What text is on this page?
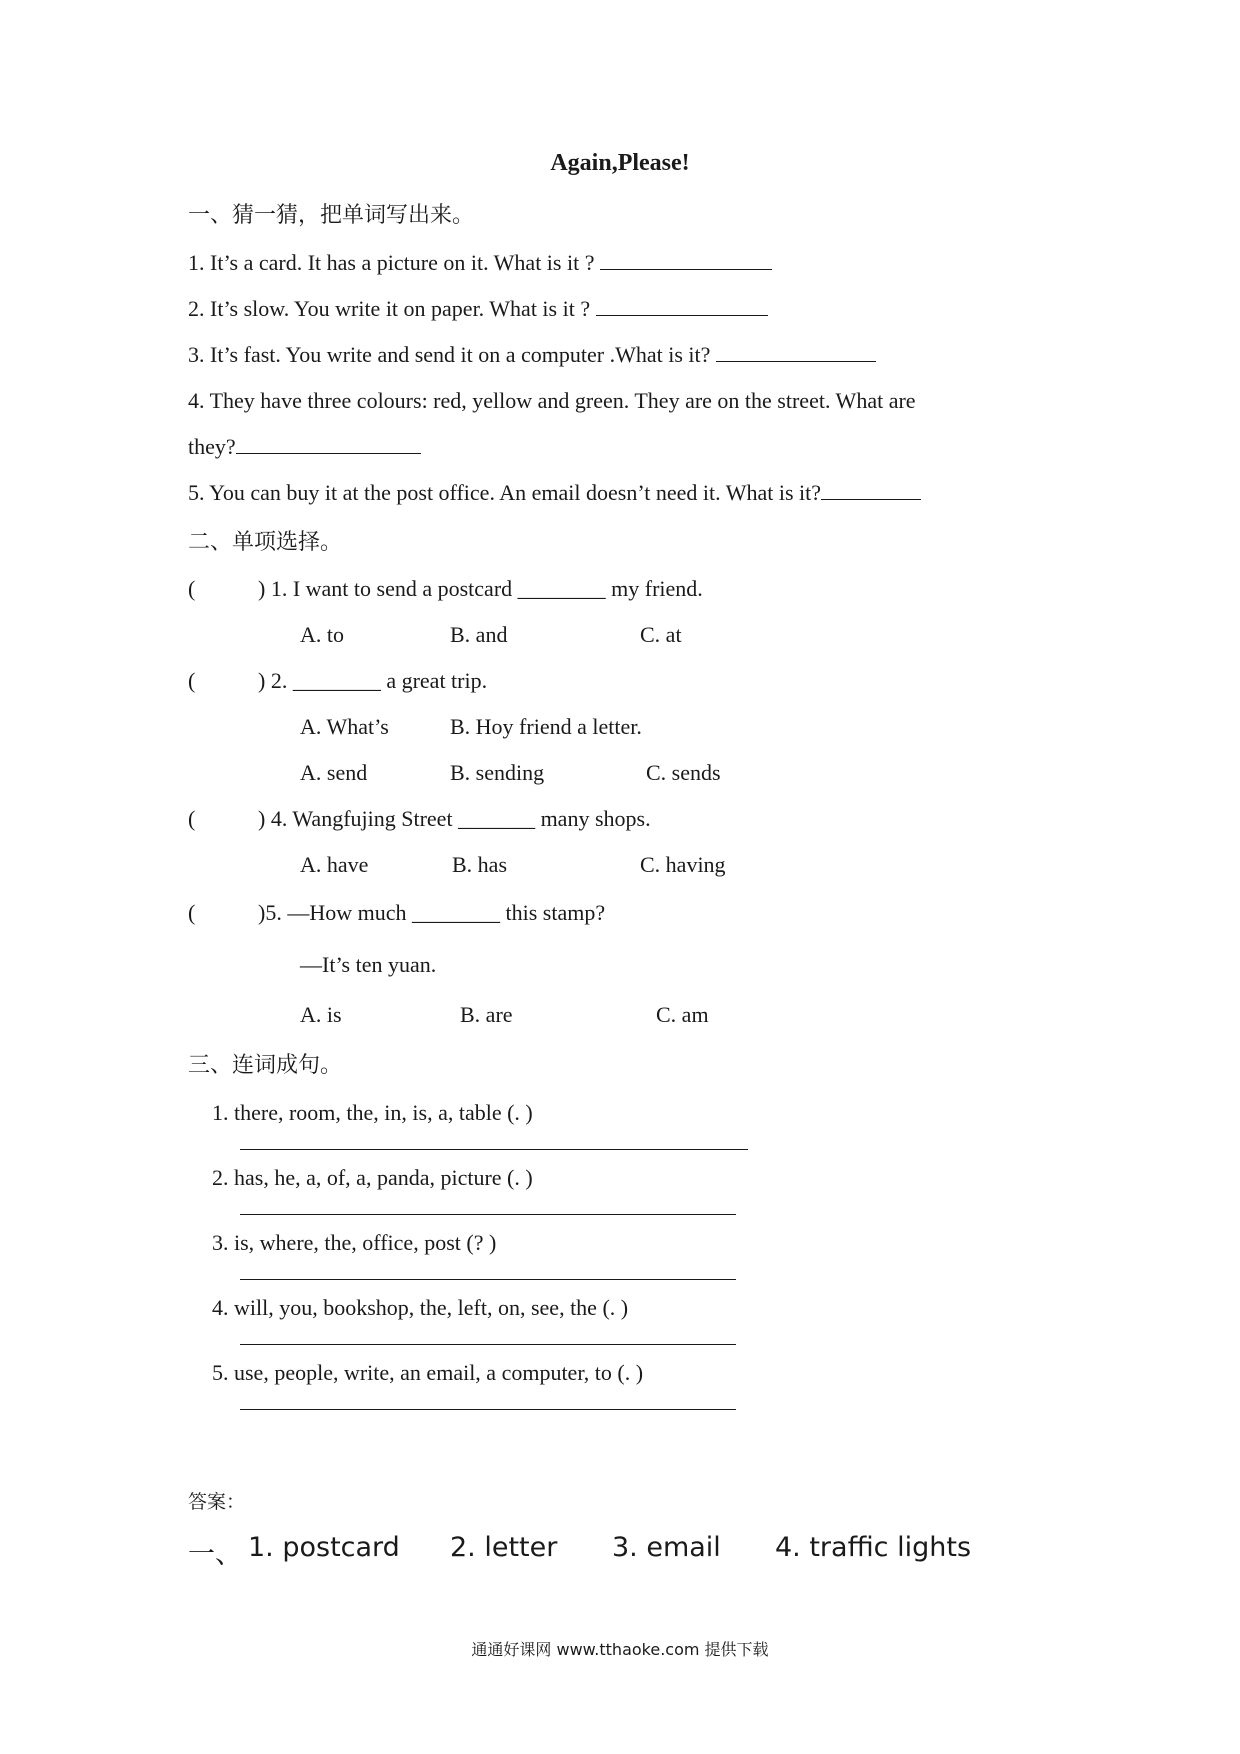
Again,Please!
一、猜一猜，把单词写出来。
1. It’s a card. It has a picture on it. What is it ?
2. It’s slow. You write it on paper. What is it ?
3. It’s fast. You write and send it on a computer .What is it?
4. They have three colours: red, yellow and green. They are on the street. What are
they?
5. You can buy it at the post office. An email doesn’t need it. What is it?
二、单项选择。
(	) 1. I want to send a postcard ________ my friend.
A. to	B. and	C. at
(	) 2. ________ a great trip.
A. What’s	B. Hoy friend a letter.
A. send	B. sending	C. sends
(	) 4. Wangfujing Street _______ many shops.
A. have	B. has	C. having
(	)5. —How much ________ this stamp?
—It’s ten yuan.
A. is	B. are	C. am
三、连词成句。
1. there, room, the, in, is, a, table (. )
2. has, he, a, of, a, panda, picture (. )
3. is, where, the, office, post (? )
4. will, you, bookshop, the, left, on, see, the (. )
5. use, people, write, an email, a computer, to (. )
答案：
一、 1. postcard 2. letter 3. email 4. traffic lights
通通好课网 www.tthaoke.com 提供下载
